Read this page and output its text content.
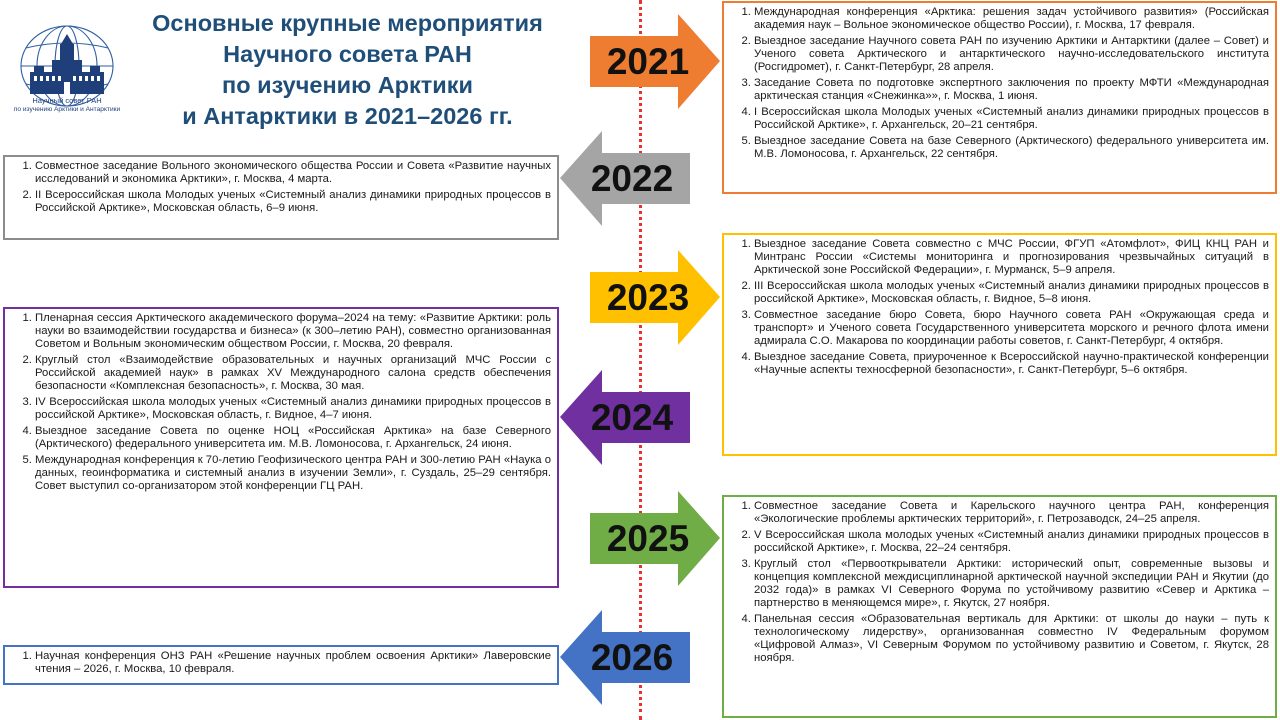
Научный совет РАН
по изучению Арктики и Антарктики
Основные крупные мероприятия
Научного совета РАН
по изучению Арктики
и Антарктики в 2021–2026 гг.
2021
2022
2023
2024
2025
2026
1. Международная конференция «Арктика: решения задач устойчивого развития» (Российская академия наук – Вольное экономическое общество России), г. Москва, 17 февраля.
2. Выездное заседание Научного совета РАН по изучению Арктики и Антарктики (далее – Совет) и Ученого совета Арктического и антарктического научно-исследовательского института (Росгидромет), г. Санкт-Петербург, 28 апреля.
3. Заседание Совета по подготовке экспертного заключения по проекту МФТИ «Международная арктическая станция «Снежинка»», г. Москва, 1 июня.
4. I Всероссийская школа Молодых ученых «Системный анализ динамики природных процессов в Российской Арктике», г. Архангельск, 20–21 сентября.
5. Выездное заседание Совета на базе Северного (Арктического) федерального университета им. М.В. Ломоносова, г. Архангельск, 22 сентября.
1. Совместное заседание Вольного экономического общества России и Совета «Развитие научных исследований и экономика Арктики», г. Москва, 4 марта.
2. II Всероссийская школа Молодых ученых «Системный анализ динамики природных процессов в Российской Арктике», Московская область, 6–9 июня.
1. Выездное заседание Совета совместно с МЧС России, ФГУП «Атомфлот», ФИЦ КНЦ РАН и Минтранс России «Системы мониторинга и прогнозирования чрезвычайных ситуаций в Арктической зоне Российской Федерации», г. Мурманск, 5–9 апреля.
2. III Всероссийская школа молодых ученых «Системный анализ динамики природных процессов в российской Арктике», Московская область, г. Видное, 5–8 июня.
3. Совместное заседание бюро Совета, бюро Научного совета РАН «Окружающая среда и транспорт» и Ученого совета Государственного университета морского и речного флота имени адмирала С.О. Макарова по координации работы советов, г. Санкт-Петербург, 4 октября.
4. Выездное заседание Совета, приуроченное к Всероссийской научно-практической конференции «Научные аспекты техносферной безопасности», г. Санкт-Петербург, 5–6 октября.
1. Пленарная сессия Арктического академического форума–2024 на тему: «Развитие Арктики: роль науки во взаимодействии государства и бизнеса» (к 300–летию РАН), совместно организованная Советом и Вольным экономическим обществом России, г. Москва, 20 февраля.
2. Круглый стол «Взаимодействие образовательных и научных организаций МЧС России с Российской академией наук» в рамках XV Международного салона средств обеспечения безопасности «Комплексная безопасность», г. Москва, 30 мая.
3. IV Всероссийская школа молодых ученых «Системный анализ динамики природных процессов в российской Арктике», Московская область, г. Видное, 4–7 июня.
4. Выездное заседание Совета по оценке НОЦ «Российская Арктика» на базе Северного (Арктического) федерального университета им. М.В. Ломоносова, г. Архангельск, 24 июня.
5. Международная конференция к 70-летию Геофизического центра РАН и 300-летию РАН «Наука о данных, геоинформатика и системный анализ в изучении Земли», г. Суздаль, 25–29 сентября. Совет выступил со-организатором этой конференции ГЦ РАН.
1. Совместное заседание Совета и Карельского научного центра РАН, конференция «Экологические проблемы арктических территорий», г. Петрозаводск, 24–25 апреля.
2. V Всероссийская школа молодых ученых «Системный анализ динамики природных процессов в российской Арктике», г. Москва, 22–24 сентября.
3. Круглый стол «Первооткрыватели Арктики: исторический опыт, современные вызовы и концепция комплексной междисциплинарной арктической научной экспедиции РАН и Якутии (до 2032 года)» в рамках VI Северного Форума по устойчивому развитию «Север и Арктика – партнерство в меняющемся мире», г. Якутск, 27 ноября.
4. Панельная сессия «Образовательная вертикаль для Арктики: от школы до науки – путь к технологическому лидерству», организованная совместно IV Федеральным форумом «Цифровой Алмаз», VI Северным Форумом по устойчивому развитию и Советом, г. Якутск, 28 ноября.
1. Научная конференция ОНЗ РАН «Решение научных проблем освоения Арктики» Лаверовские чтения – 2026, г. Москва, 10 февраля.
